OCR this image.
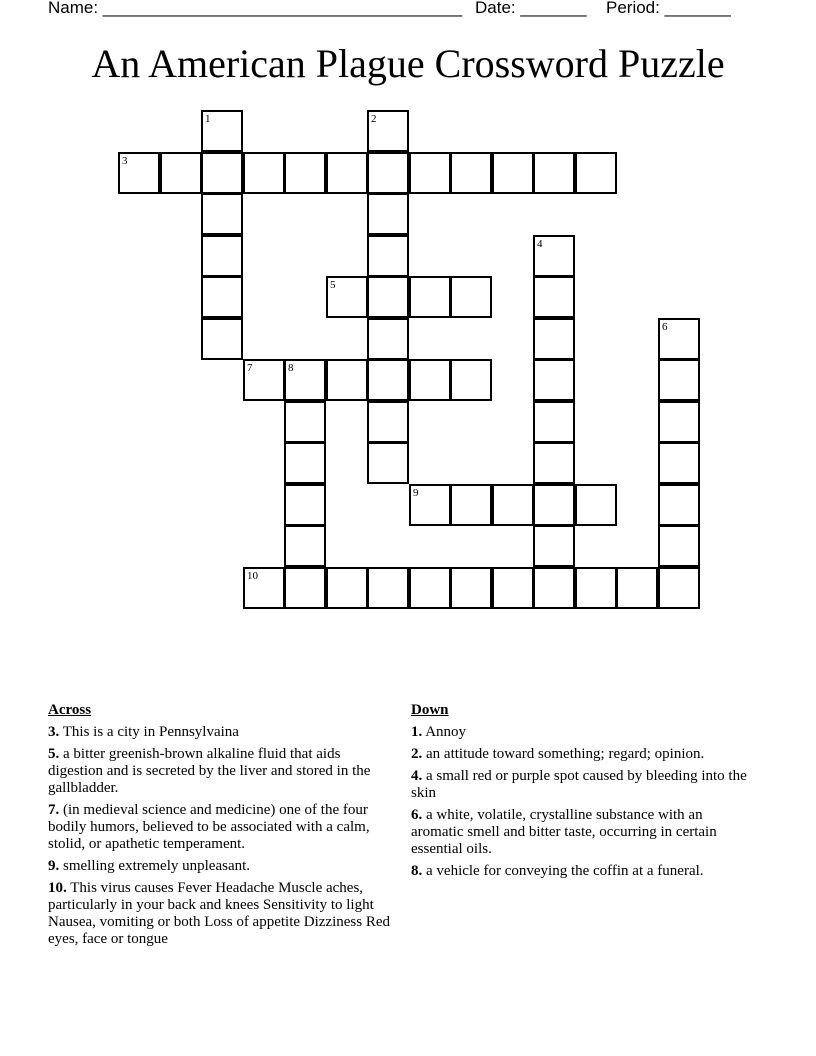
Name: ______________________________________ Date: _______ Period: _______
An American Plague Crossword Puzzle
3
5
7	8
9
10
1	2
4
6
Across
3. This is a city in Pennsylvaina
5. a bitter greenish-brown alkaline fluid that aids digestion and is secreted by the liver and stored in the gallbladder.
7. (in medieval science and medicine) one of the four bodily humors, believed to be associated with a calm, stolid, or apathetic temperament.
9. smelling extremely unpleasant.
10. This virus causes Fever Headache Muscle aches, particularly in your back and knees Sensitivity to light Nausea, vomiting or both Loss of appetite Dizziness Red eyes, face or tongue
Down
1. Annoy
2. an attitude toward something; regard; opinion.
4. a small red or purple spot caused by bleeding into the skin
6. a white, volatile, crystalline substance with an aromatic smell and bitter taste, occurring in certain essential oils.
8. a vehicle for conveying the coffin at a funeral.
